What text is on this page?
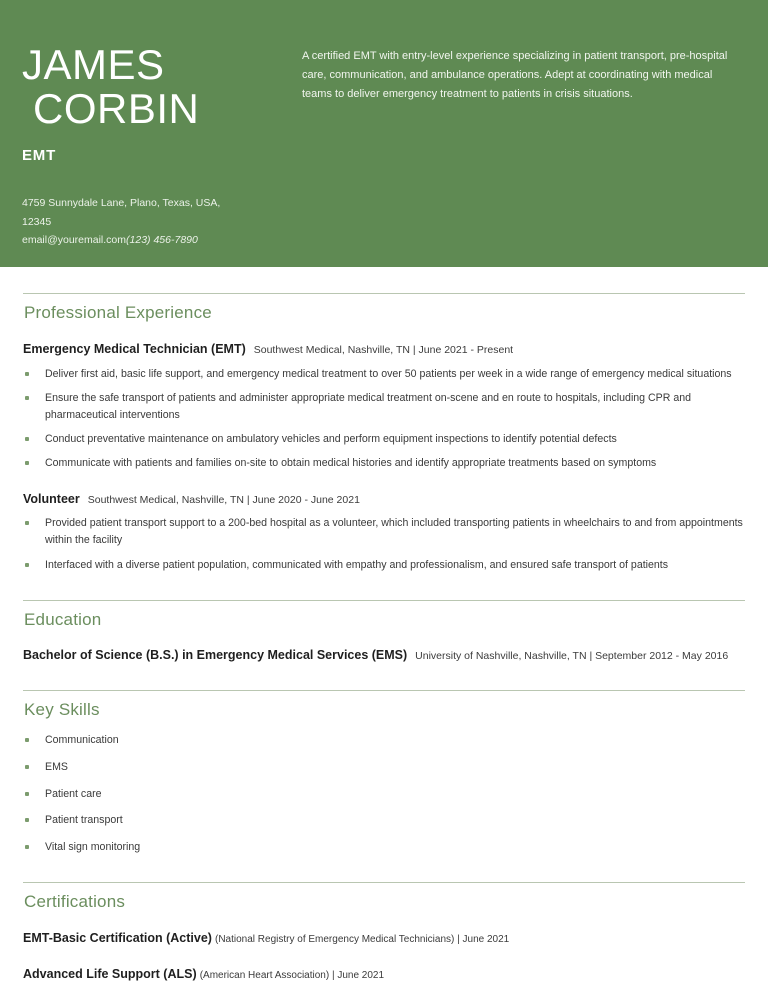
JAMES
CORBIN
EMT
4759 Sunnydale Lane, Plano, Texas, USA,
12345
email@youremail.com(123) 456-7890
A certified EMT with entry-level experience specializing in patient transport, pre-hospital care, communication, and ambulance operations. Adept at coordinating with medical teams to deliver emergency treatment to patients in crisis situations.
Professional Experience
Emergency Medical Technician (EMT) Southwest Medical, Nashville, TN | June 2021 - Present
Deliver first aid, basic life support, and emergency medical treatment to over 50 patients per week in a wide range of emergency medical situations
Ensure the safe transport of patients and administer appropriate medical treatment on-scene and en route to hospitals, including CPR and pharmaceutical interventions
Conduct preventative maintenance on ambulatory vehicles and perform equipment inspections to identify potential defects
Communicate with patients and families on-site to obtain medical histories and identify appropriate treatments based on symptoms
Volunteer Southwest Medical, Nashville, TN | June 2020 - June 2021
Provided patient transport support to a 200-bed hospital as a volunteer, which included transporting patients in wheelchairs to and from appointments within the facility
Interfaced with a diverse patient population, communicated with empathy and professionalism, and ensured safe transport of patients
Education
Bachelor of Science (B.S.) in Emergency Medical Services (EMS) University of Nashville, Nashville, TN | September 2012 - May 2016
Key Skills
Communication
EMS
Patient care
Patient transport
Vital sign monitoring
Certifications
EMT-Basic Certification (Active) (National Registry of Emergency Medical Technicians) | June 2021
Advanced Life Support (ALS) (American Heart Association) | June 2021
